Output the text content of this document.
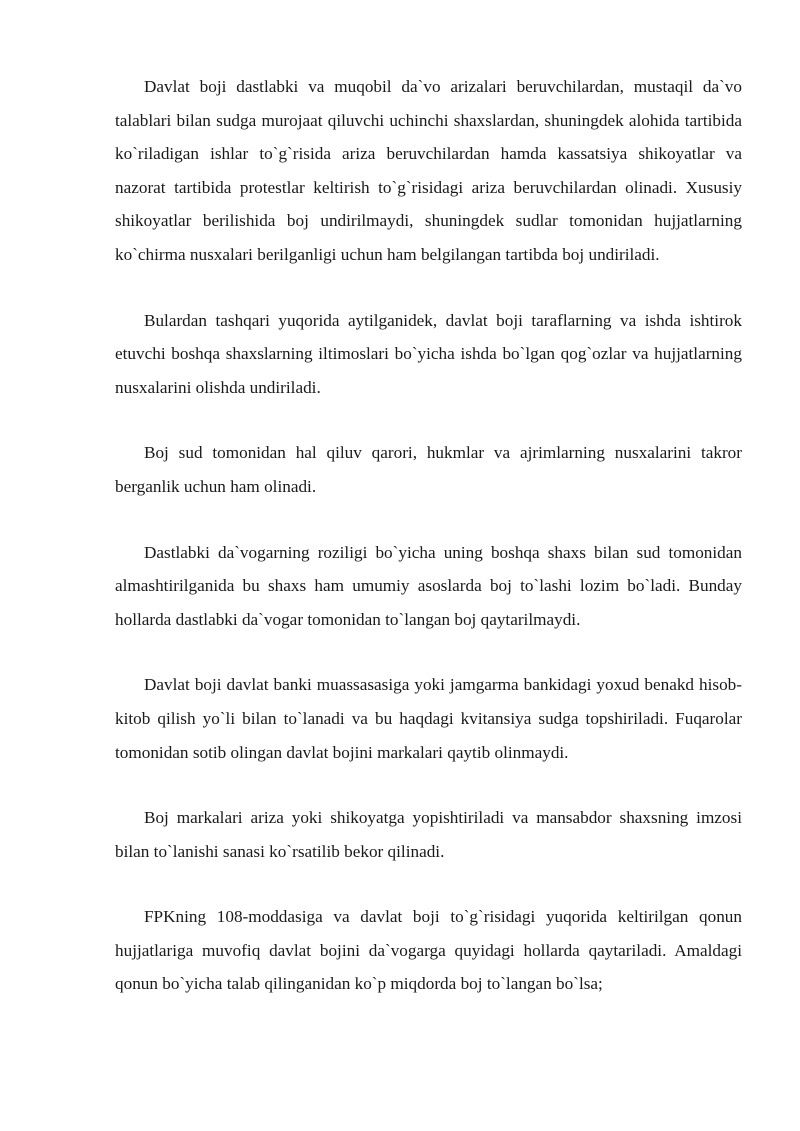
Davlat boji dastlabki va muqobil da`vo arizalari beruvchilardan, mustaqil da`vo talablari bilan sudga murojaat qiluvchi uchinchi shaxslardan, shuningdek alohida tartibida ko`riladigan ishlar to`g`risida ariza beruvchilardan hamda kassatsiya shikoyatlar va nazorat tartibida protestlar keltirish to`g`risidagi ariza beruvchilardan olinadi. Xususiy shikoyatlar berilishida boj undirilmaydi, shuningdek sudlar tomonidan hujjatlarning ko`chirma nusxalari berilganligi uchun ham belgilangan tartibda boj undiriladi.

Bulardan tashqari yuqorida aytilganidek, davlat boji taraflarning va ishda ishtirok etuvchi boshqa shaxslarning iltimoslari bo`yicha ishda bo`lgan qog`ozlar va hujjatlarning nusxalarini olishda undiriladi.

Boj sud tomonidan hal qiluv qarori, hukmlar va ajrimlarning nusxalarini takror berganlik uchun ham olinadi.

Dastlabki da`vogarning roziligi bo`yicha uning boshqa shaxs bilan sud tomonidan almashtirilganida bu shaxs ham umumiy asoslarda boj to`lashi lozim bo`ladi. Bunday hollarda dastlabki da`vogar tomonidan to`langan boj qaytarilmaydi.

Davlat boji davlat banki muassasasiga yoki jamgarma bankidagi yoxud benakd hisob-kitob qilish yo`li bilan to`lanadi va bu haqdagi kvitansiya sudga topshiriladi. Fuqarolar tomonidan sotib olingan davlat bojini markalari qaytib olinmaydi.

Boj markalari ariza yoki shikoyatga yopishtiriladi va mansabdor shaxsning imzosi bilan to`lanishi sanasi ko`rsatilib bekor qilinadi.

FPKning 108-moddasiga va davlat boji to`g`risidagi yuqorida keltirilgan qonun hujjatlariga muvofiq davlat bojini da`vogarga quyidagi hollarda qaytariladi. Amaldagi qonun bo`yicha talab qilinganidan ko`p miqdorda boj to`langan bo`lsa;
